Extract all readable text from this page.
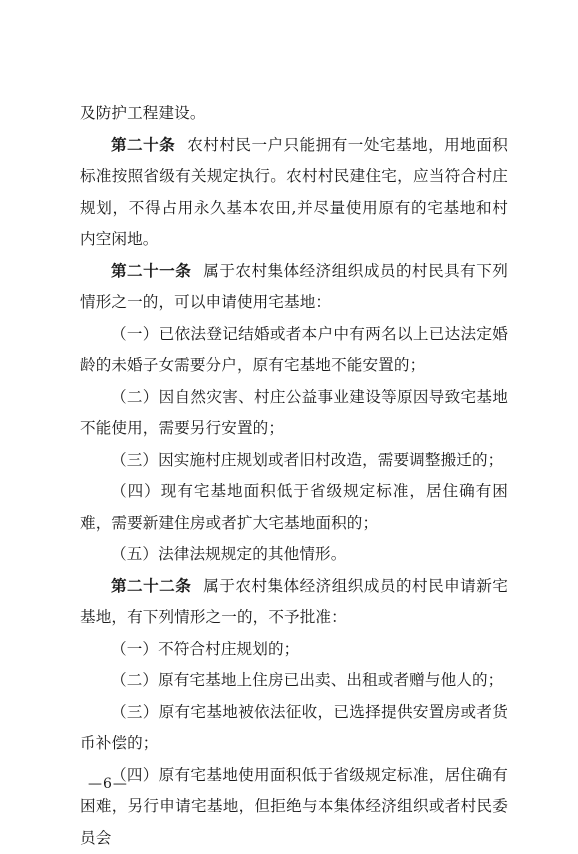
及防护工程建设。

第二十条 农村村民一户只能拥有一处宅基地，用地面积标准按照省级有关规定执行。农村村民建住宅，应当符合村庄规划，不得占用永久基本农田,并尽量使用原有的宅基地和村内空闲地。

第二十一条 属于农村集体经济组织成员的村民具有下列情形之一的，可以申请使用宅基地：

（一）已依法登记结婚或者本户中有两名以上已达法定婚龄的未婚子女需要分户，原有宅基地不能安置的；

（二）因自然灾害、村庄公益事业建设等原因导致宅基地不能使用，需要另行安置的；

（三）因实施村庄规划或者旧村改造，需要调整搬迁的；

（四）现有宅基地面积低于省级规定标准，居住确有困难，需要新建住房或者扩大宅基地面积的；

（五）法律法规规定的其他情形。

第二十二条 属于农村集体经济组织成员的村民申请新宅基地，有下列情形之一的，不予批准：

（一）不符合村庄规划的；

（二）原有宅基地上住房已出卖、出租或者赠与他人的；

（三）原有宅基地被依法征收，已选择提供安置房或者货币补偿的；

（四）原有宅基地使用面积低于省级规定标准，居住确有困难，另行申请宅基地，但拒绝与本集体经济组织或者村民委员会

—6—
